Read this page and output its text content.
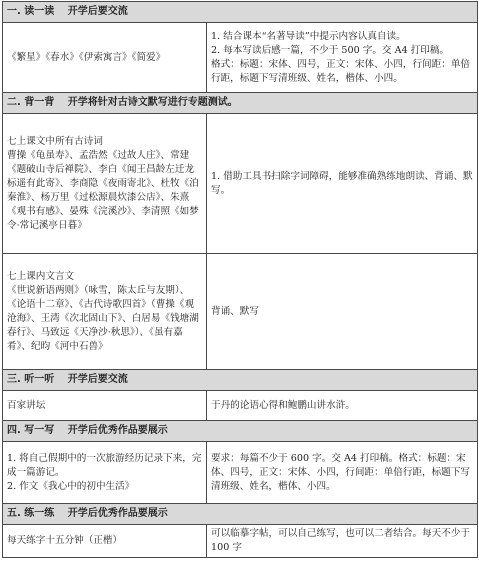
一. 读一读 开学后要交流	

《繁星》《春水》《伊索寓言》《简爱》	1. 结合课本“名著导读”中提示内容认真自读。
2. 每本写读后感一篇，不少于 500 字。交 A4 打印稿。
格式：标题：宋体、四号，正文：宋体、小四，行间距：单倍行距，标题下写清班级、姓名，楷体、小四。

二. 背一背 开学将针对古诗文默写进行专题测试。	

七上课文中所有古诗词
曹操《龟虽寿》、孟浩然《过故人庄》、常建《题破山寺后禅院》、李白《闻王昌龄左迁龙标遥有此寄》、李商隐《夜雨寄北》、杜牧《泊秦淮》、杨万里《过松源晨炊漆公店》、朱熹《观书有感》、晏殊《浣溪沙》、李清照《如梦令·常记溪亭日暮》	1. 借助工具书扫除字词障碍，能够准确熟练地朗读、背诵、默写。

七上课内文言文
《世说新语两则》（咏雪，陈太丘与友期）、《论语十二章》、《古代诗歌四首》（曹操《观沧海》、王湾《次北固山下》、白居易《钱塘湖春行》、马致远《天净沙·秋思》）、《虽有嘉肴》、纪昀《河中石兽》	背诵、默写

三. 听一听 开学后要交流	

百家讲坛	于丹的论语心得和鲍鹏山讲水浒。

四. 写一写 开学后优秀作品要展示	

1. 将自己假期中的一次旅游经历记录下来，完成一篇游记。
2. 作文《我心中的初中生活》	要求：每篇不少于 600 字。交 A4 打印稿。格式：标题：宋体、四号，正文：宋体、小四，行间距：单倍行距，标题下写清班级、姓名，楷体、小四。

五. 练一练 开学后优秀作品要展示	

每天练字十五分钟（正楷）	可以临摹字帖，可以自己练写，也可以二者结合。每天不少于 100 字
